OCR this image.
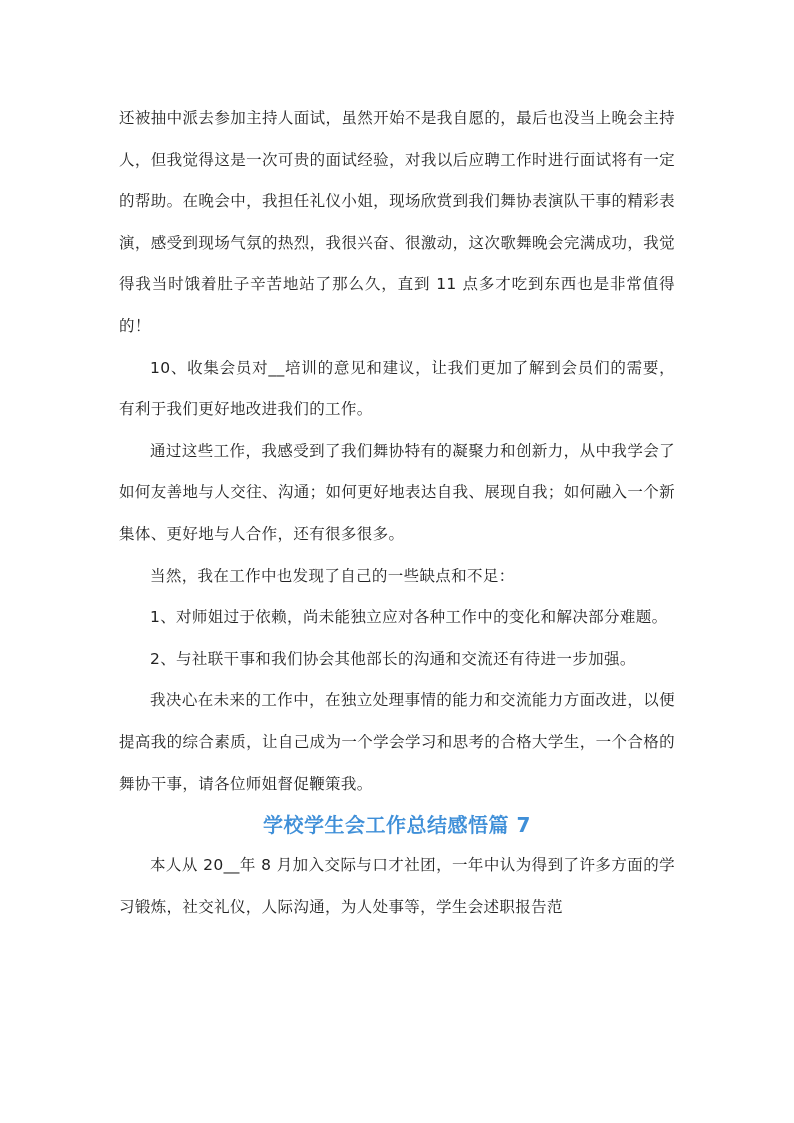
还被抽中派去参加主持人面试，虽然开始不是我自愿的，最后也没当上晚会主持人，但我觉得这是一次可贵的面试经验，对我以后应聘工作时进行面试将有一定的帮助。在晚会中，我担任礼仪小姐，现场欣赏到我们舞协表演队干事的精彩表演，感受到现场气氛的热烈，我很兴奋、很激动，这次歌舞晚会完满成功，我觉得我当时饿着肚子辛苦地站了那么久，直到 11 点多才吃到东西也是非常值得的！

10、收集会员对__培训的意见和建议，让我们更加了解到会员们的需要，有利于我们更好地改进我们的工作。

通过这些工作，我感受到了我们舞协特有的凝聚力和创新力，从中我学会了如何友善地与人交往、沟通；如何更好地表达自我、展现自我；如何融入一个新集体、更好地与人合作，还有很多很多。

当然，我在工作中也发现了自己的一些缺点和不足：

1、对师姐过于依赖，尚未能独立应对各种工作中的变化和解决部分难题。

2、与社联干事和我们协会其他部长的沟通和交流还有待进一步加强。

我决心在未来的工作中，在独立处理事情的能力和交流能力方面改进，以便提高我的综合素质，让自己成为一个学会学习和思考的合格大学生，一个合格的舞协干事，请各位师姐督促鞭策我。

学校学生会工作总结感悟篇 7

本人从 20__年 8 月加入交际与口才社团，一年中认为得到了许多方面的学习锻炼，社交礼仪，人际沟通，为人处事等，学生会述职报告范
